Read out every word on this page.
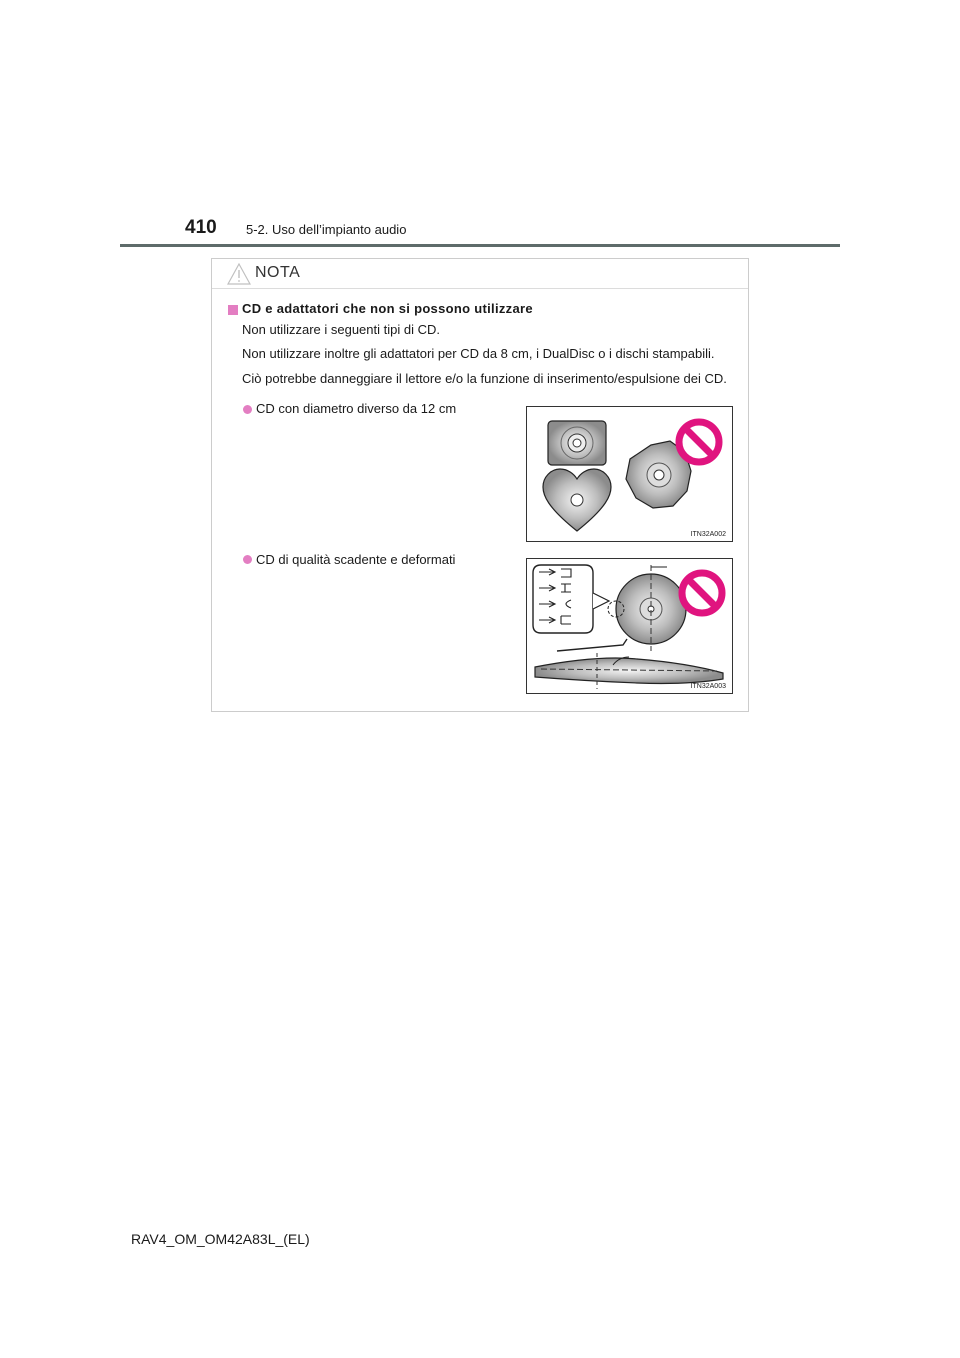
410 5-2. Uso dell’impianto audio
NOTA
CD e adattatori che non si possono utilizzare
Non utilizzare i seguenti tipi di CD.
Non utilizzare inoltre gli adattatori per CD da 8 cm, i DualDisc o i dischi stampabili.
Ciò potrebbe danneggiare il lettore e/o la funzione di inserimento/espulsione dei CD.
CD con diametro diverso da 12 cm
ITN32A002
CD di qualità scadente e deformati
ITN32A003
RAV4_OM_OM42A83L_(EL)
